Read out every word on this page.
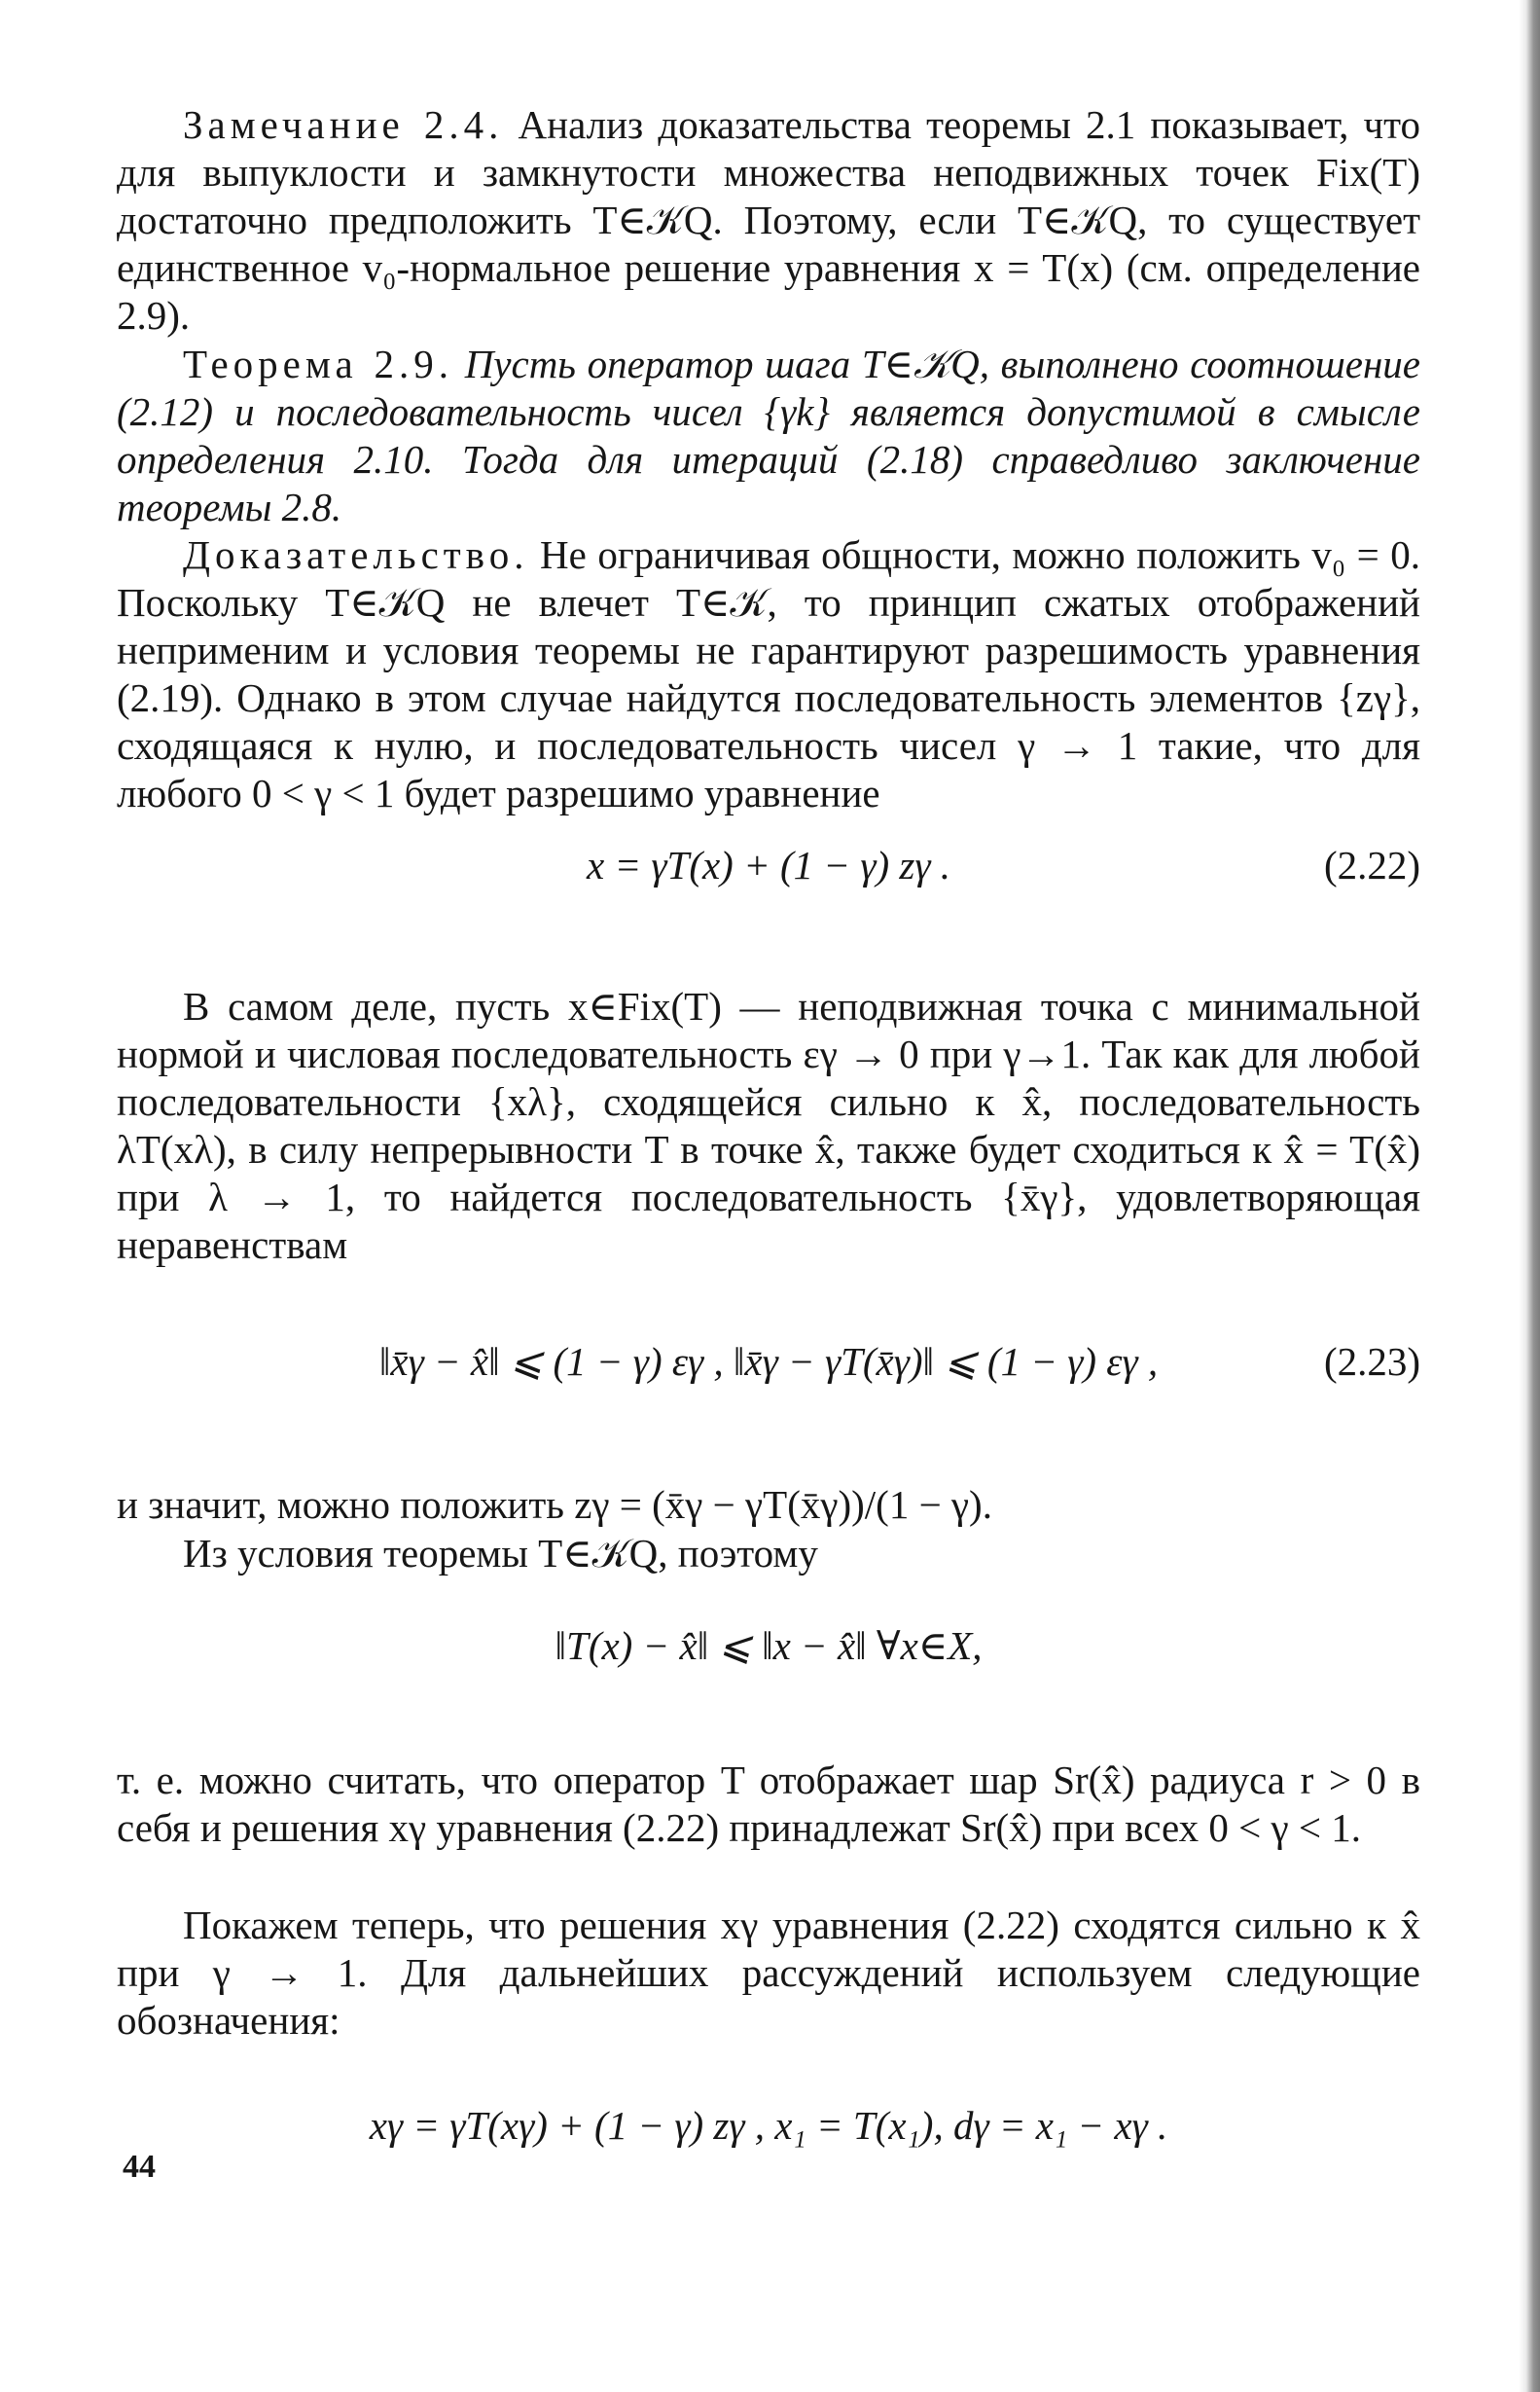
Замечание 2.4. Анализ доказательства теоремы 2.1 показывает, что для выпуклости и замкнутости множества неподвижных точек Fix(T) достаточно предположить T∈𝒦Q. Поэтому, если T∈𝒦Q, то существует единственное v₀-нормальное решение уравнения x = T(x) (см. определение 2.9).

Теорема 2.9. Пусть оператор шага T∈𝒦Q, выполнено соотношение (2.12) и последовательность чисел {γk} является допустимой в смысле определения 2.10. Тогда для итераций (2.18) справедливо заключение теоремы 2.8.

Доказательство. Не ограничивая общности, можно положить v₀ = 0. Поскольку T∈𝒦Q не влечет T∈𝒦, то принцип сжатых отображений неприменим и условия теоремы не гарантируют разрешимость уравнения (2.19). Однако в этом случае найдутся последовательность элементов {zγ}, сходящаяся к нулю, и последовательность чисел γ → 1 такие, что для любого 0 < γ < 1 будет разрешимо уравнение

x = γT(x) + (1 − γ) zγ .	(2.22)

В самом деле, пусть x∈Fix(T) — неподвижная точка с минимальной нормой и числовая последовательность εγ → 0 при γ→1. Так как для любой последовательности {xλ}, сходящейся сильно к x̂, последовательность λT(xλ), в силу непрерывности T в точке x̂, также будет сходиться к x̂ = T(x̂) при λ → 1, то найдется последовательность {x̄γ}, удовлетворяющая неравенствам

‖x̄γ − x̂‖ ⩽ (1 − γ) εγ , ‖x̄γ − γT(x̄γ)‖ ⩽ (1 − γ) εγ ,	(2.23)

и значит, можно положить zγ = (x̄γ − γT(x̄γ))/(1 − γ).

Из условия теоремы T∈𝒦Q, поэтому

‖T(x) − x̂‖ ⩽ ‖x − x̂‖ ∀x∈X,

т. е. можно считать, что оператор T отображает шар Sr(x̂) радиуса r > 0 в себя и решения xγ уравнения (2.22) принадлежат Sr(x̂) при всех 0 < γ < 1.

Покажем теперь, что решения xγ уравнения (2.22) сходятся сильно к x̂ при γ → 1. Для дальнейших рассуждений используем следующие обозначения:

xγ = γT(xγ) + (1 − γ) zγ , x₁ = T(x₁), dγ = x₁ − xγ .
44
